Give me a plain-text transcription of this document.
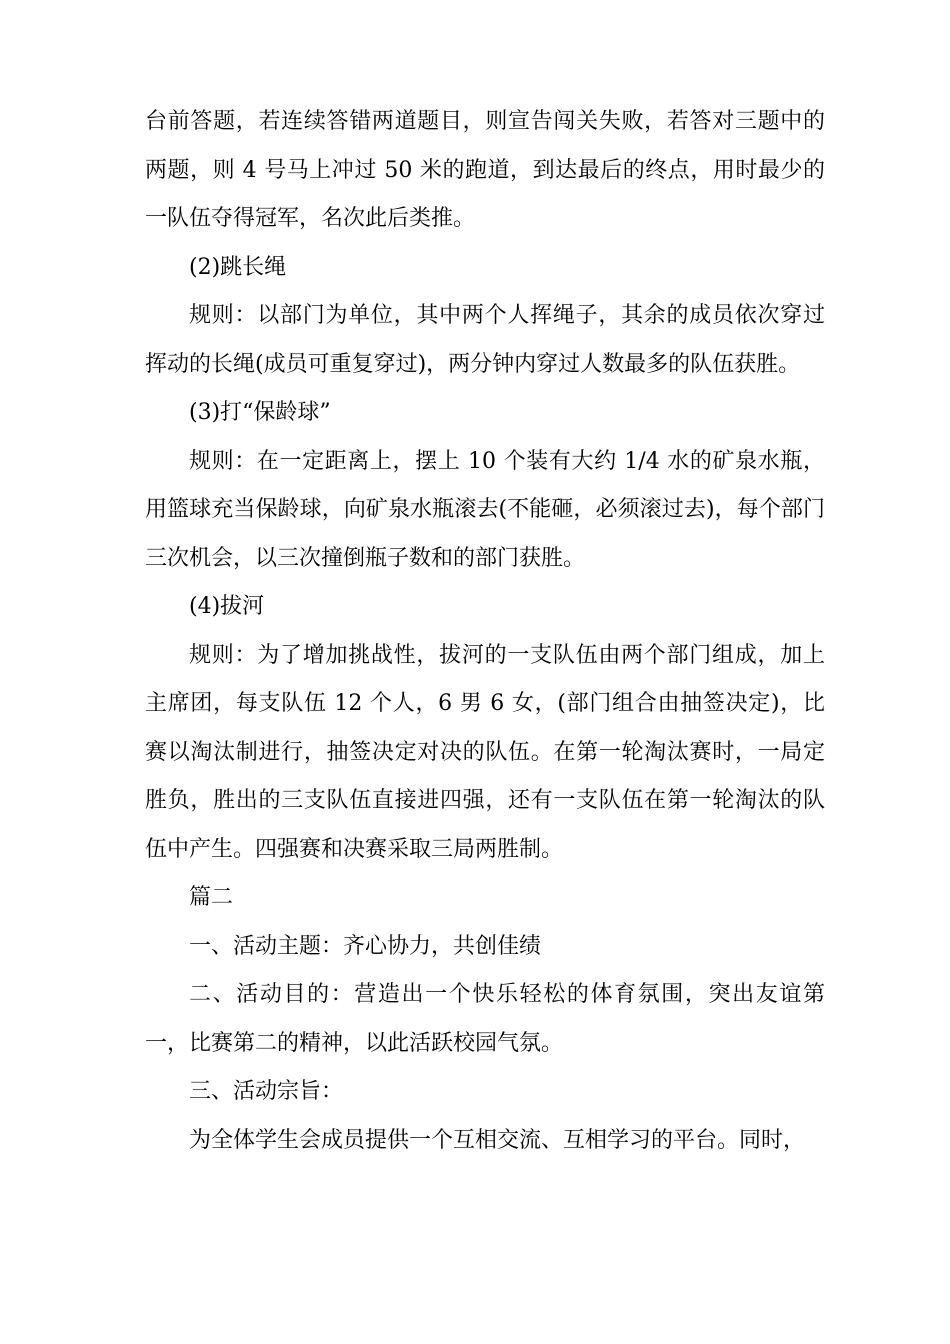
台前答题，若连续答错两道题目，则宣告闯关失败，若答对三题中的两题，则 4 号马上冲过 50 米的跑道，到达最后的终点，用时最少的一队伍夺得冠军，名次此后类推。

(2)跳长绳

规则：以部门为单位，其中两个人挥绳子，其余的成员依次穿过挥动的长绳(成员可重复穿过)，两分钟内穿过人数最多的队伍获胜。

(3)打“保龄球”

规则：在一定距离上，摆上 10 个装有大约 1/4 水的矿泉水瓶，用篮球充当保龄球，向矿泉水瓶滚去(不能砸，必须滚过去)，每个部门三次机会，以三次撞倒瓶子数和的部门获胜。

(4)拔河

规则：为了增加挑战性，拔河的一支队伍由两个部门组成，加上主席团，每支队伍 12 个人，6 男 6 女，(部门组合由抽签决定)，比赛以淘汰制进行，抽签决定对决的队伍。在第一轮淘汰赛时，一局定胜负，胜出的三支队伍直接进四强，还有一支队伍在第一轮淘汰的队伍中产生。四强赛和决赛采取三局两胜制。

篇二

一、活动主题：齐心协力，共创佳绩

二、活动目的：营造出一个快乐轻松的体育氛围，突出友谊第一，比赛第二的精神，以此活跃校园气氛。

三、活动宗旨：

为全体学生会成员提供一个互相交流、互相学习的平台。同时，
